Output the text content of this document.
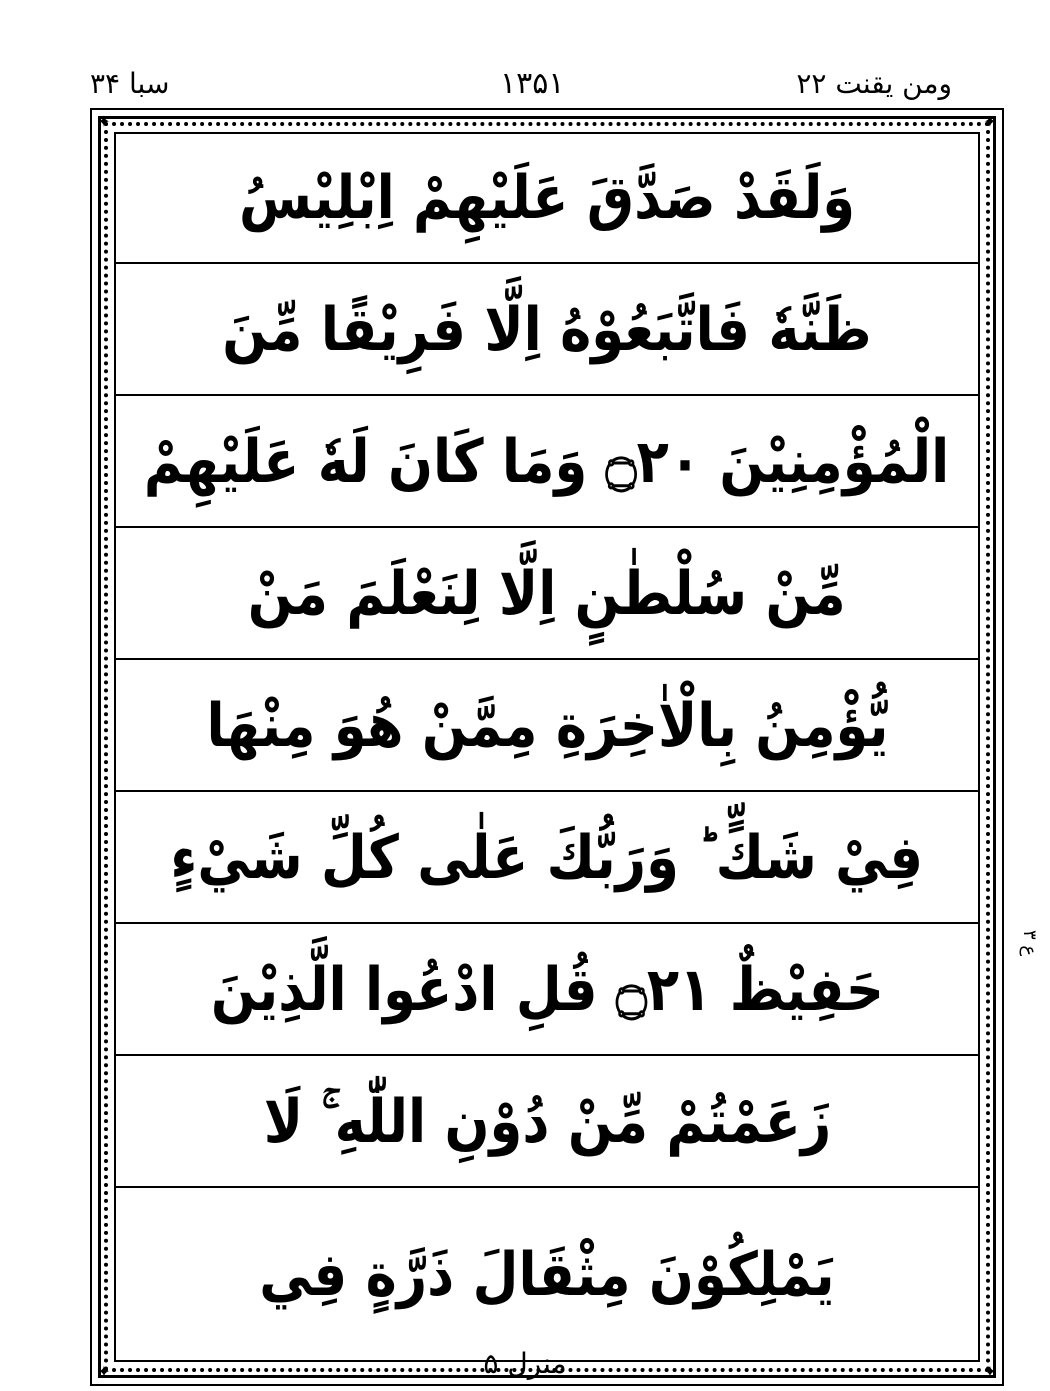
سبا ۳۴	۱۳۵۱	ومن يقنت ۲۲
✦	✦
✦	✦
وَلَقَدْ صَدَّقَ عَلَيْهِمْ اِبْلِيْسُ
ظَنَّهٗ فَاتَّبَعُوْهُ اِلَّا فَرِيْقًا مِّنَ
الْمُؤْمِنِيْنَ ۝٢٠ وَمَا كَانَ لَهٗ عَلَيْهِمْ
مِّنْ سُلْطٰنٍ اِلَّا لِنَعْلَمَ مَنْ
يُّؤْمِنُ بِالْاٰخِرَةِ مِمَّنْ هُوَ مِنْهَا
فِيْ شَكٍّ ؕ وَرَبُّكَ عَلٰى كُلِّ شَيْءٍ
حَفِيْظٌ ۝٢١ قُلِ ادْعُوا الَّذِيْنَ
زَعَمْتُمْ مِّنْ دُوْنِ اللّٰهِ ۚ لَا
يَمْلِكُوْنَ مِثْقَالَ ذَرَّةٍ فِي
ع ٣
منزل ۵
